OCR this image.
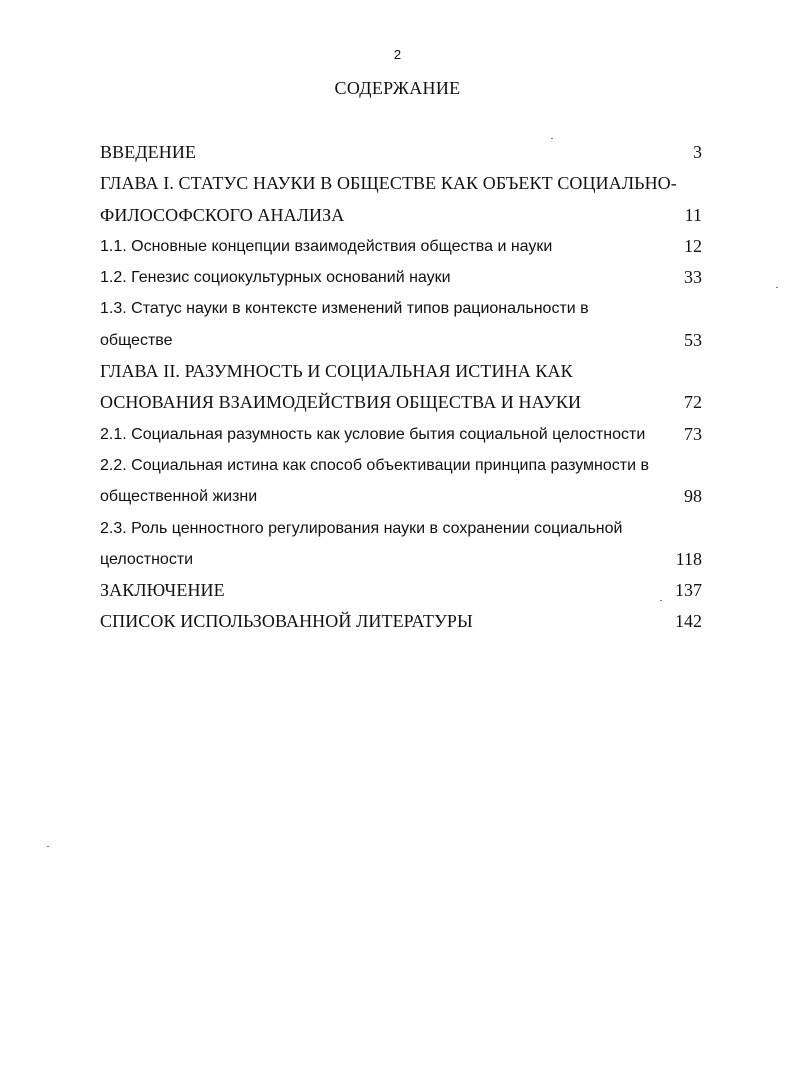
2
СОДЕРЖАНИЕ
ВВЕДЕНИЕ	3
ГЛАВА I. СТАТУС НАУКИ В ОБЩЕСТВЕ КАК ОБЪЕКТ СОЦИАЛЬНО-
ФИЛОСОФСКОГО АНАЛИЗА	11
1.1. Основные концепции взаимодействия общества и науки	12
1.2. Генезис социокультурных оснований науки	33
1.3. Статус науки в контексте изменений типов рациональности в
обществе	53
ГЛАВА II. РАЗУМНОСТЬ И СОЦИАЛЬНАЯ ИСТИНА КАК
ОСНОВАНИЯ ВЗАИМОДЕЙСТВИЯ ОБЩЕСТВА И НАУКИ	72
2.1. Социальная разумность как условие бытия социальной целостности 73
2.2. Социальная истина как способ объективации принципа разумности в
общественной жизни	98
2.3. Роль ценностного регулирования науки в сохранении социальной
целостности	118
ЗАКЛЮЧЕНИЕ	137
СПИСОК ИСПОЛЬЗОВАННОЙ ЛИТЕРАТУРЫ	142
